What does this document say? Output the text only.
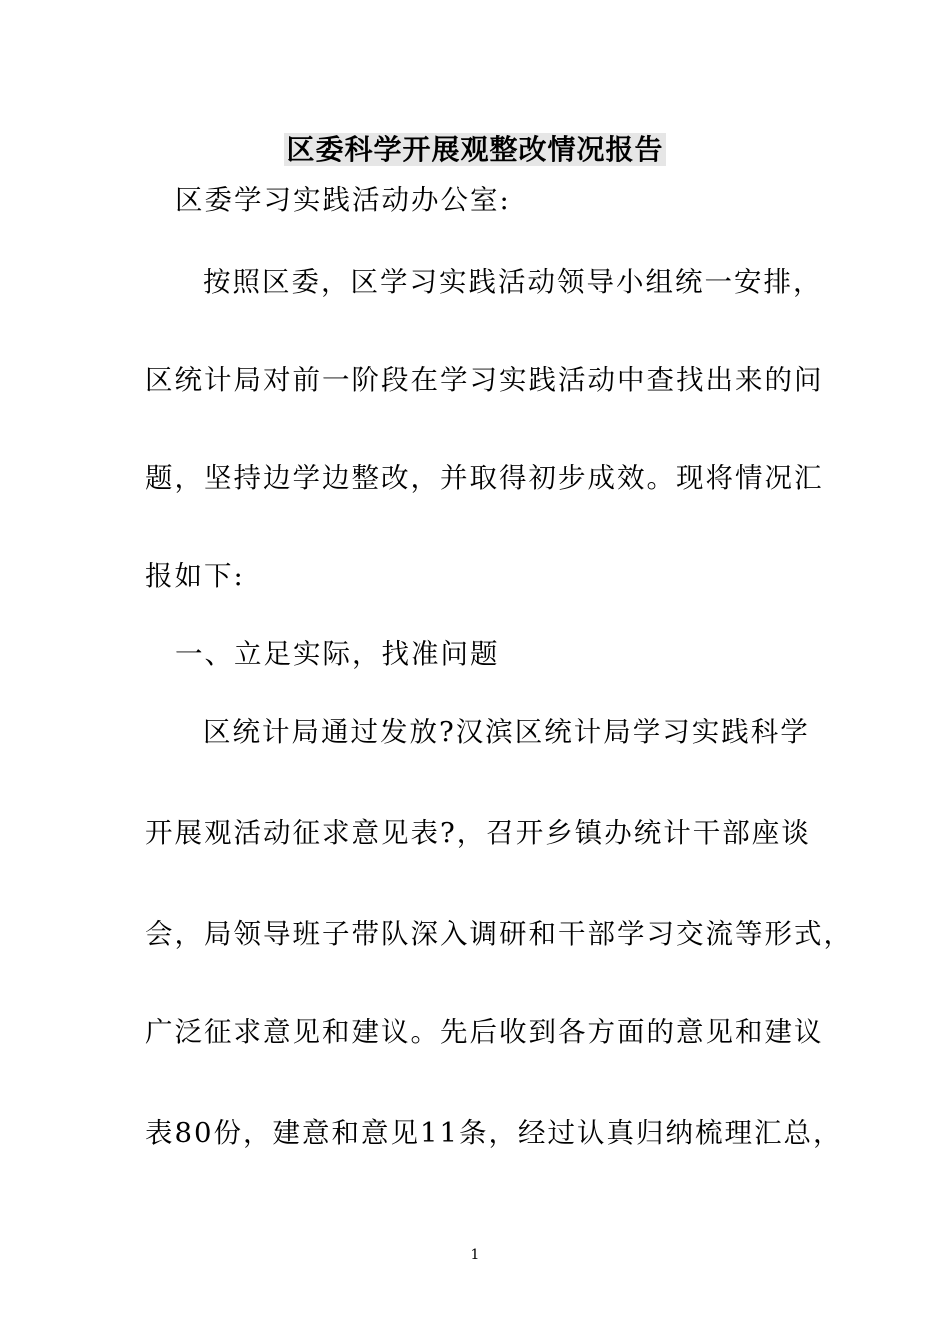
区委科学开展观整改情况报告
区委学习实践活动办公室:
按照区委，区学习实践活动领导小组统一安排，
区统计局对前一阶段在学习实践活动中查找出来的问
题，坚持边学边整改，并取得初步成效。现将情况汇
报如下:
一、立足实际，找准问题
区统计局通过发放?汉滨区统计局学习实践科学
开展观活动征求意见表?，召开乡镇办统计干部座谈
会，局领导班子带队深入调研和干部学习交流等形式，
广泛征求意见和建议。先后收到各方面的意见和建议
表80份，建意和意见11条，经过认真归纳梳理汇总，
1
